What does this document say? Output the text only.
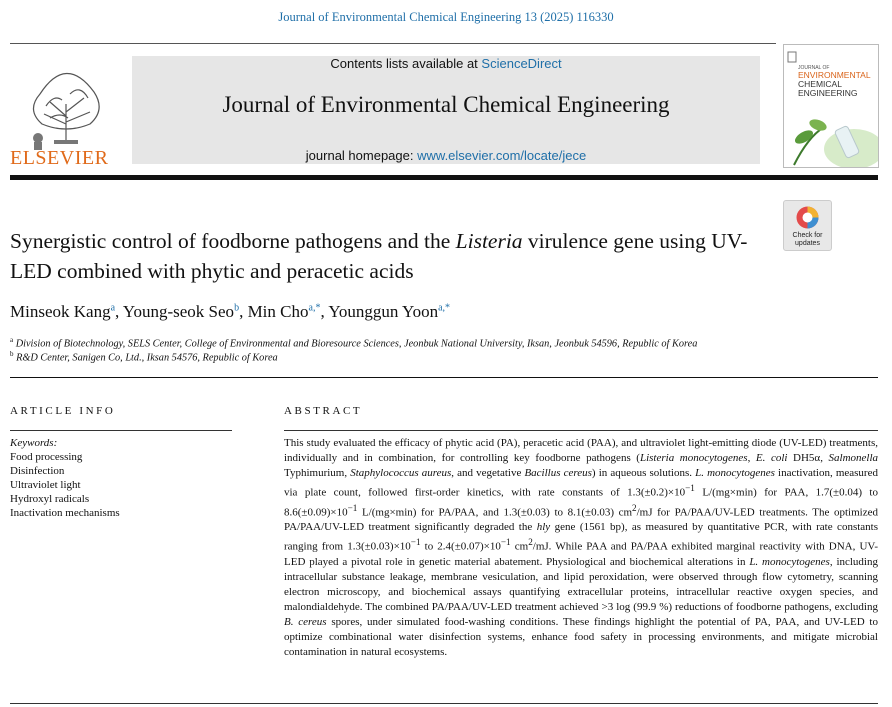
Journal of Environmental Chemical Engineering 13 (2025) 116330
ELSEVIER
Contents lists available at ScienceDirect
Journal of Environmental Chemical Engineering
journal homepage: www.elsevier.com/locate/jece
JOURNAL OF
ENVIRONMENTAL
CHEMICAL
ENGINEERING
Check for
updates
Synergistic control of foodborne pathogens and the Listeria virulence gene using UV-LED combined with phytic and peracetic acids
Minseok Kang$^a$, Young-seok Seo$^b$, Min Cho$^{a,*}$, Younggun Yoon$^{a,*}$
$^a$ Division of Biotechnology, SELS Center, College of Environmental and Bioresource Sciences, Jeonbuk National University, Iksan, Jeonbuk 54596, Republic of Korea
$^b$ R&D Center, Sanigen Co, Ltd., Iksan 54576, Republic of Korea
ARTICLE INFO
Keywords:
Food processing
Disinfection
Ultraviolet light
Hydroxyl radicals
Inactivation mechanisms
ABSTRACT
This study evaluated the efficacy of phytic acid (PA), peracetic acid (PAA), and ultraviolet light-emitting diode (UV-LED) treatments, individually and in combination, for controlling key foodborne pathogens (Listeria monocytogenes, E. coli DH5α, Salmonella Typhimurium, Staphylococcus aureus, and vegetative Bacillus cereus) in aqueous solutions. L. monocytogenes inactivation, measured via plate count, followed first-order kinetics, with rate constants of $1.3(\pm 0.2)\times 10^{-1}$ L/(mg×min) for PAA, 1.7(±0.04) to $8.6(\pm 0.09)\times 10^{-1}$ L/(mg×min) for PA/PAA, and 1.3(±0.03) to 8.1(±0.03) $cm^2/mJ$ for PA/PAA/UV-LED treatments. The optimized PA/PAA/UV-LED treatment significantly degraded the hly gene (1561 bp), as measured by quantitative PCR, with rate constants ranging from $1.3(\pm 0.03)\times 10^{-1}$ to $2.4(\pm 0.07)\times 10^{-1}$ $cm^2/mJ$. While PAA and PA/PAA exhibited marginal reactivity with DNA, UV-LED played a pivotal role in genetic material abatement. Physiological and biochemical alterations in L. monocytogenes, including intracellular substance leakage, membrane vesiculation, and lipid peroxidation, were observed through flow cytometry, scanning electron microscopy, and biochemical assays quantifying extracellular proteins, intracellular reactive oxygen species, and malondialdehyde. The combined PA/PAA/UV-LED treatment achieved >3 log (99.9 %) reductions of foodborne pathogens, excluding B. cereus spores, under simulated food-washing conditions. These findings highlight the potential of PA, PAA, and UV-LED to optimize combinational water disinfection systems, enhance food safety in processing environments, and mitigate microbial contamination in natural ecosystems.
